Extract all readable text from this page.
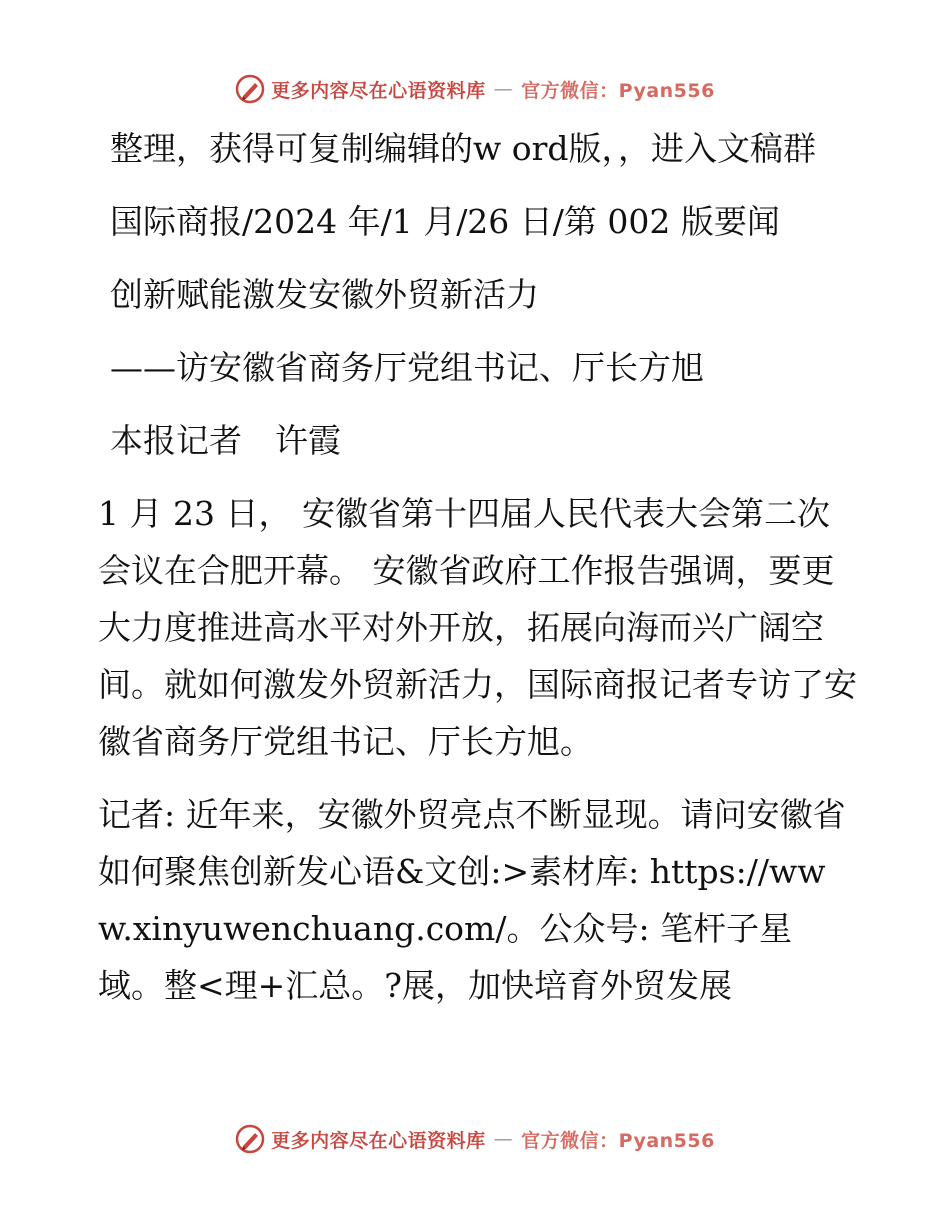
更多内容尽在心语资料库 — 官方微信：Pyan556

整理，获得可复制编辑的w ord版，，进入文稿群

国际商报/2024 年/1 月/26 日/第 002 版要闻

创新赋能激发安徽外贸新活力

——访安徽省商务厅党组书记、厅长方旭

本报记者　许霞

1 月 23 日， 安徽省第十四届人民代表大会第二次会议在合肥开幕。 安徽省政府工作报告强调，要更大力度推进高水平对外开放，拓展向海而兴广阔空间。就如何激发外贸新活力，国际商报记者专访了安徽省商务厅党组书记、厅长方旭。

记者: 近年来，安徽外贸亮点不断显现。请问安徽省如何聚焦创新发心语&文创:>素材库: https://www.xinyuwenchuang.com/。公众号: 笔杆子星域。整<理+汇总。?展，加快培育外贸发展

更多内容尽在心语资料库 — 官方微信：Pyan556
